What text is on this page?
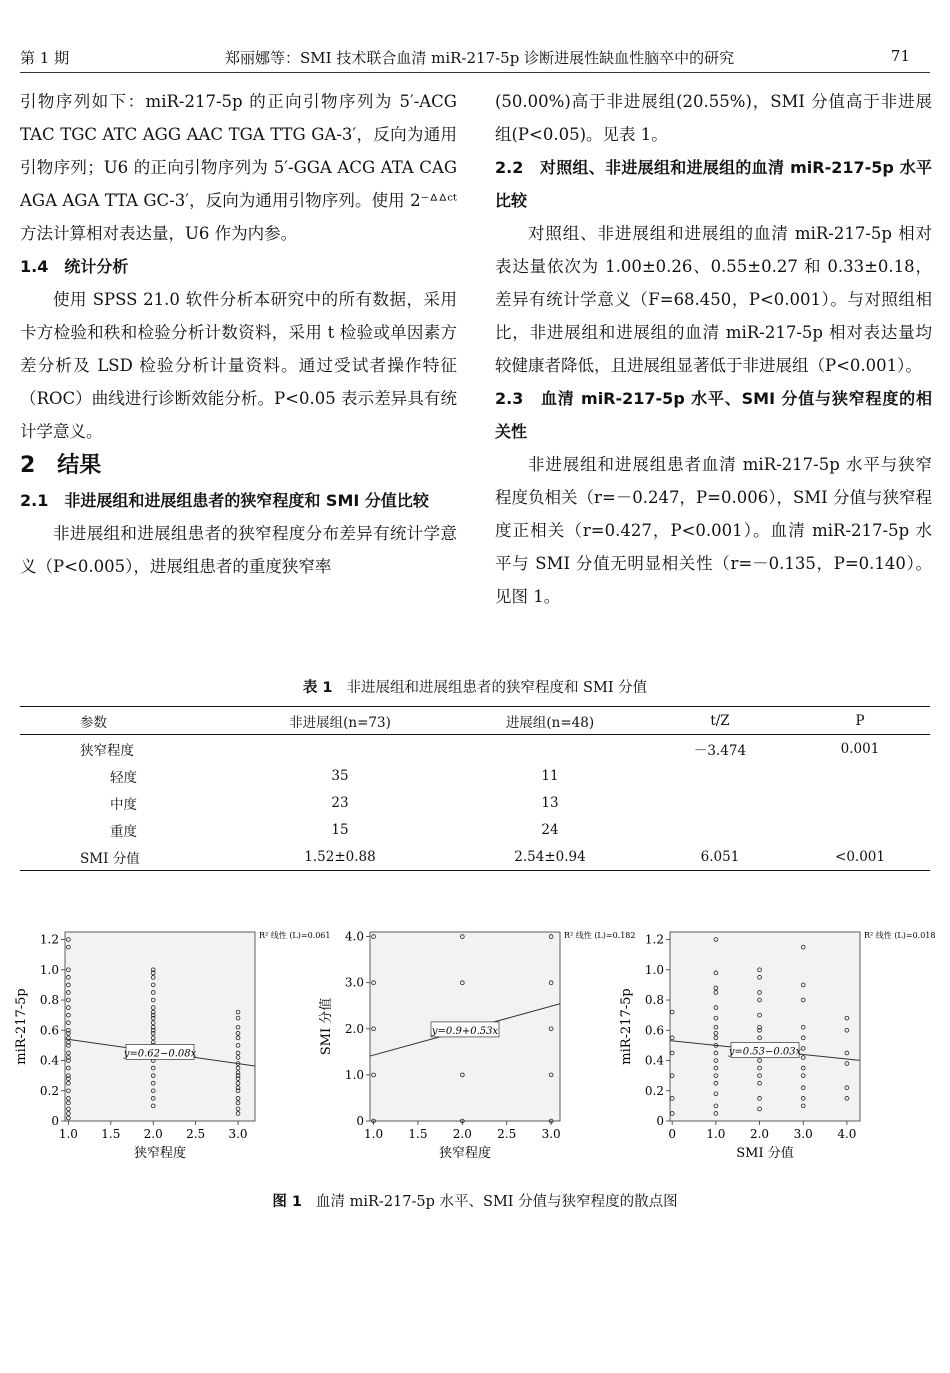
第 1 期	郑丽娜等：SMI 技术联合血清 miR-217-5p 诊断进展性缺血性脑卒中的研究	71

引物序列如下：miR-217-5p 的正向引物序列为 5′-ACG TAC TGC ATC AGG AAC TGA TTG GA-3′，反向为通用引物序列；U6 的正向引物序列为 5′-GGA ACG ATA CAG AGA AGA TTA GC-3′，反向为通用引物序列。使用 2⁻ᐞᐞᶜᵗ方法计算相对表达量，U6 作为内参。

1.4　统计分析

使用 SPSS 21.0 软件分析本研究中的所有数据，采用卡方检验和秩和检验分析计数资料，采用 t 检验或单因素方差分析及 LSD 检验分析计量资料。通过受试者操作特征（ROC）曲线进行诊断效能分析。P<0.05 表示差异具有统计学意义。

2　结果

2.1　非进展组和进展组患者的狭窄程度和 SMI 分值比较

非进展组和进展组患者的狭窄程度分布差异有统计学意义（P<0.005），进展组患者的重度狭窄率

(50.00%)高于非进展组(20.55%)，SMI 分值高于非进展组(P<0.05)。见表 1。

2.2　对照组、非进展组和进展组的血清 miR-217-5p 水平比较

对照组、非进展组和进展组的血清 miR-217-5p 相对表达量依次为 1.00±0.26、0.55±0.27 和 0.33±0.18，差异有统计学意义（F=68.450，P<0.001）。与对照组相比，非进展组和进展组的血清 miR-217-5p 相对表达量均较健康者降低，且进展组显著低于非进展组（P<0.001）。

2.3　血清 miR-217-5p 水平、SMI 分值与狭窄程度的相关性

非进展组和进展组患者血清 miR-217-5p 水平与狭窄程度负相关（r=－0.247，P=0.006），SMI 分值与狭窄程度正相关（r=0.427，P<0.001）。血清 miR-217-5p 水平与 SMI 分值无明显相关性（r=－0.135，P=0.140）。见图 1。

表 1 非进展组和进展组患者的狭窄程度和 SMI 分值
参数	非进展组(n=73)	进展组(n=48)	t/Z	P
狭窄程度			－3.474	0.001
轻度	35	11		
中度	23	13		
重度	15	24		
SMI 分值	1.52±0.88	2.54±0.94	6.051	<0.001
0
0.2
0.4
0.6
0.8
1.0
1.2
1.0 1.5 2.0 2.5 3.0
狭窄程度
miR-217-5p	y=0.62−0.08x
R² 线性 (L)=0.061
0
1.0
2.0
3.0
4.0
1.0 1.5 2.0 2.5 3.0
狭窄程度
SMI 分值	y=0.9+0.53x
R² 线性 (L)=0.182
0
0.2
0.4
0.6
0.8
1.0
1.2
0	1.0 2.0 3.0 4.0
SMI 分值
miR-217-5p	y=0.53−0.03x
R² 线性 (L)=0.018
图 1 血清 miR-217-5p 水平、SMI 分值与狭窄程度的散点图
